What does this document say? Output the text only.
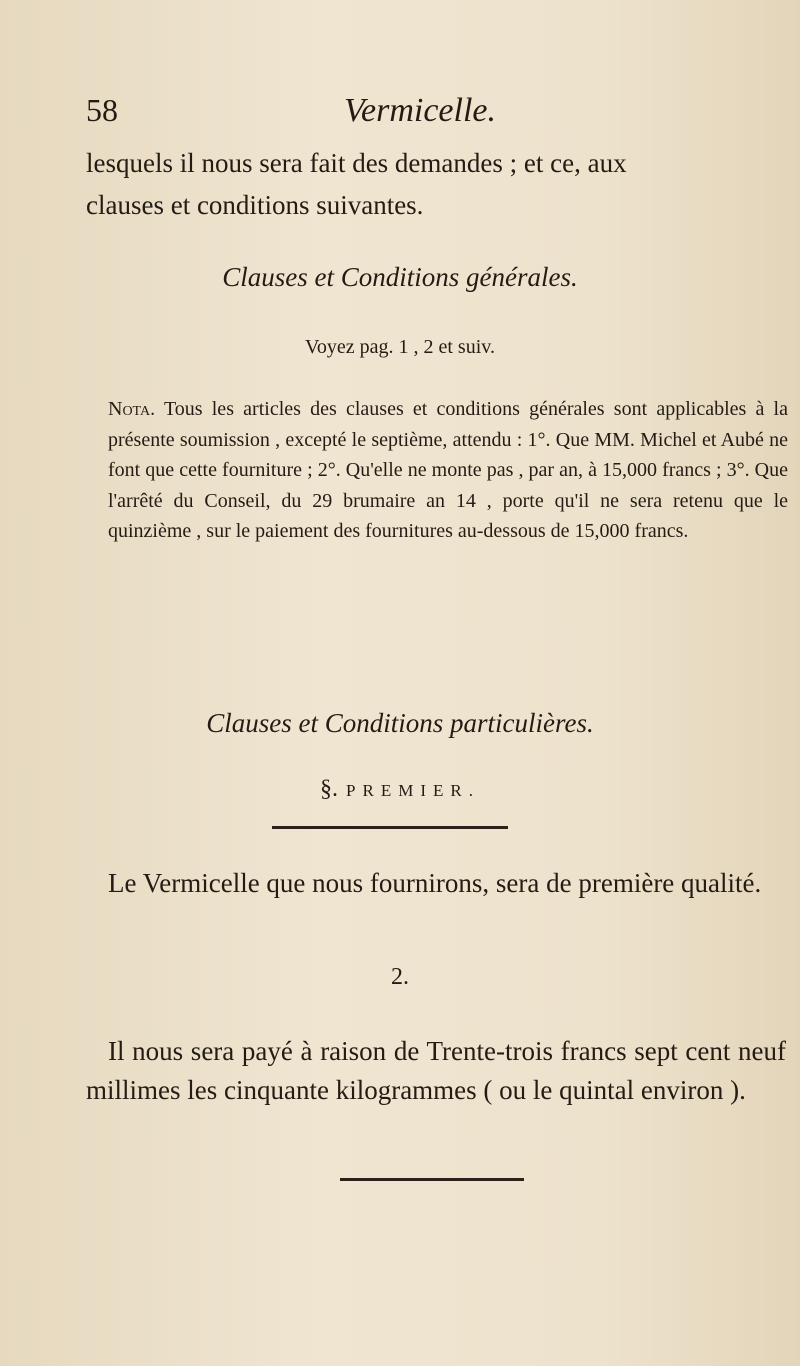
58	Vermicelle.

lesquels il nous sera fait des demandes ; et ce, aux

clauses et conditions suivantes.

Clauses et Conditions générales.

Voyez pag. 1 , 2 et suiv.

Nota. Tous les articles des clauses et conditions générales sont applicables à la présente soumission , excepté le septième, attendu : 1°. Que MM. Michel et Aubé ne font que cette fourniture ; 2°. Qu'elle ne monte pas , par an, à 15,000 francs ; 3°. Que l'arrêté du Conseil, du 29 brumaire an 14 , porte qu'il ne sera retenu que le quinzième , sur le paiement des fournitures au-dessous de 15,000 francs.

Clauses et Conditions particulières.
§. PREMIER.

Le Vermicelle que nous fournirons, sera de première qualité.

2.

Il nous sera payé à raison de Trente-trois francs sept cent neuf millimes les cinquante kilogrammes ( ou le quintal environ ).
